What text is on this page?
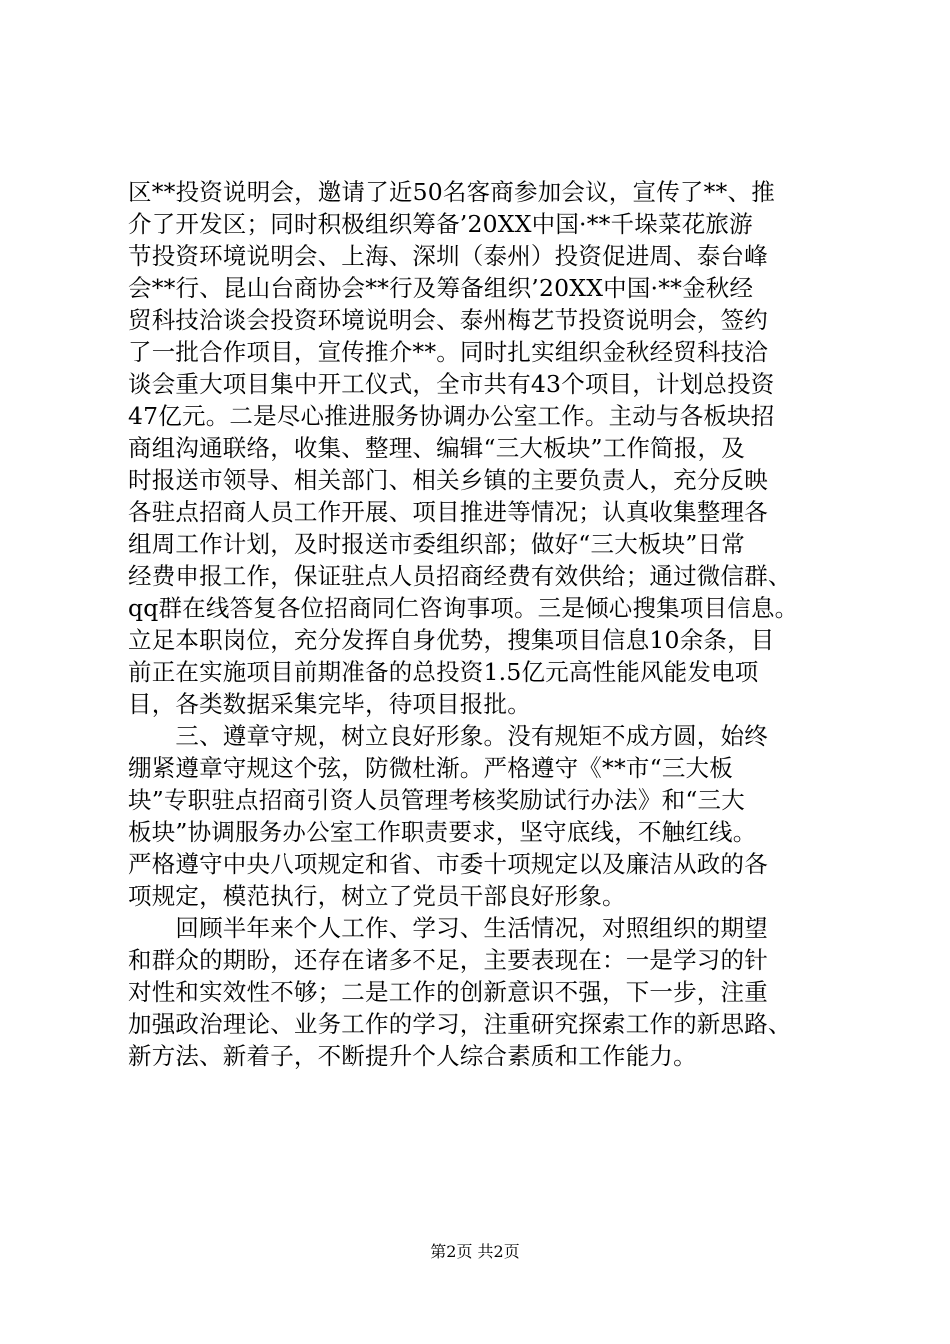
区**投资说明会，邀请了近50名客商参加会议，宣传了**、推
介了开发区；同时积极组织筹备’20XX中国·**千垛菜花旅游
节投资环境说明会、上海、深圳（泰州）投资促进周、泰台峰
会**行、昆山台商协会**行及筹备组织’20XX中国·**金秋经
贸科技洽谈会投资环境说明会、泰州梅艺节投资说明会，签约
了一批合作项目，宣传推介**。同时扎实组织金秋经贸科技洽
谈会重大项目集中开工仪式，全市共有43个项目，计划总投资
47亿元。二是尽心推进服务协调办公室工作。主动与各板块招
商组沟通联络，收集、整理、编辑“三大板块”工作简报，及
时报送市领导、相关部门、相关乡镇的主要负责人，充分反映
各驻点招商人员工作开展、项目推进等情况；认真收集整理各
组周工作计划，及时报送市委组织部；做好“三大板块”日常
经费申报工作，保证驻点人员招商经费有效供给；通过微信群、
qq群在线答复各位招商同仁咨询事项。三是倾心搜集项目信息。
立足本职岗位，充分发挥自身优势，搜集项目信息10余条，目
前正在实施项目前期准备的总投资1.5亿元高性能风能发电项
目，各类数据采集完毕，待项目报批。
　　三、遵章守规，树立良好形象。没有规矩不成方圆，始终
绷紧遵章守规这个弦，防微杜渐。严格遵守《**市“三大板
块”专职驻点招商引资人员管理考核奖励试行办法》和“三大
板块”协调服务办公室工作职责要求，坚守底线，不触红线。
严格遵守中央八项规定和省、市委十项规定以及廉洁从政的各
项规定，模范执行，树立了党员干部良好形象。
　　回顾半年来个人工作、学习、生活情况，对照组织的期望
和群众的期盼，还存在诸多不足，主要表现在：一是学习的针
对性和实效性不够；二是工作的创新意识不强，下一步，注重
加强政治理论、业务工作的学习，注重研究探索工作的新思路、
新方法、新着子，不断提升个人综合素质和工作能力。
第2页 共2页
